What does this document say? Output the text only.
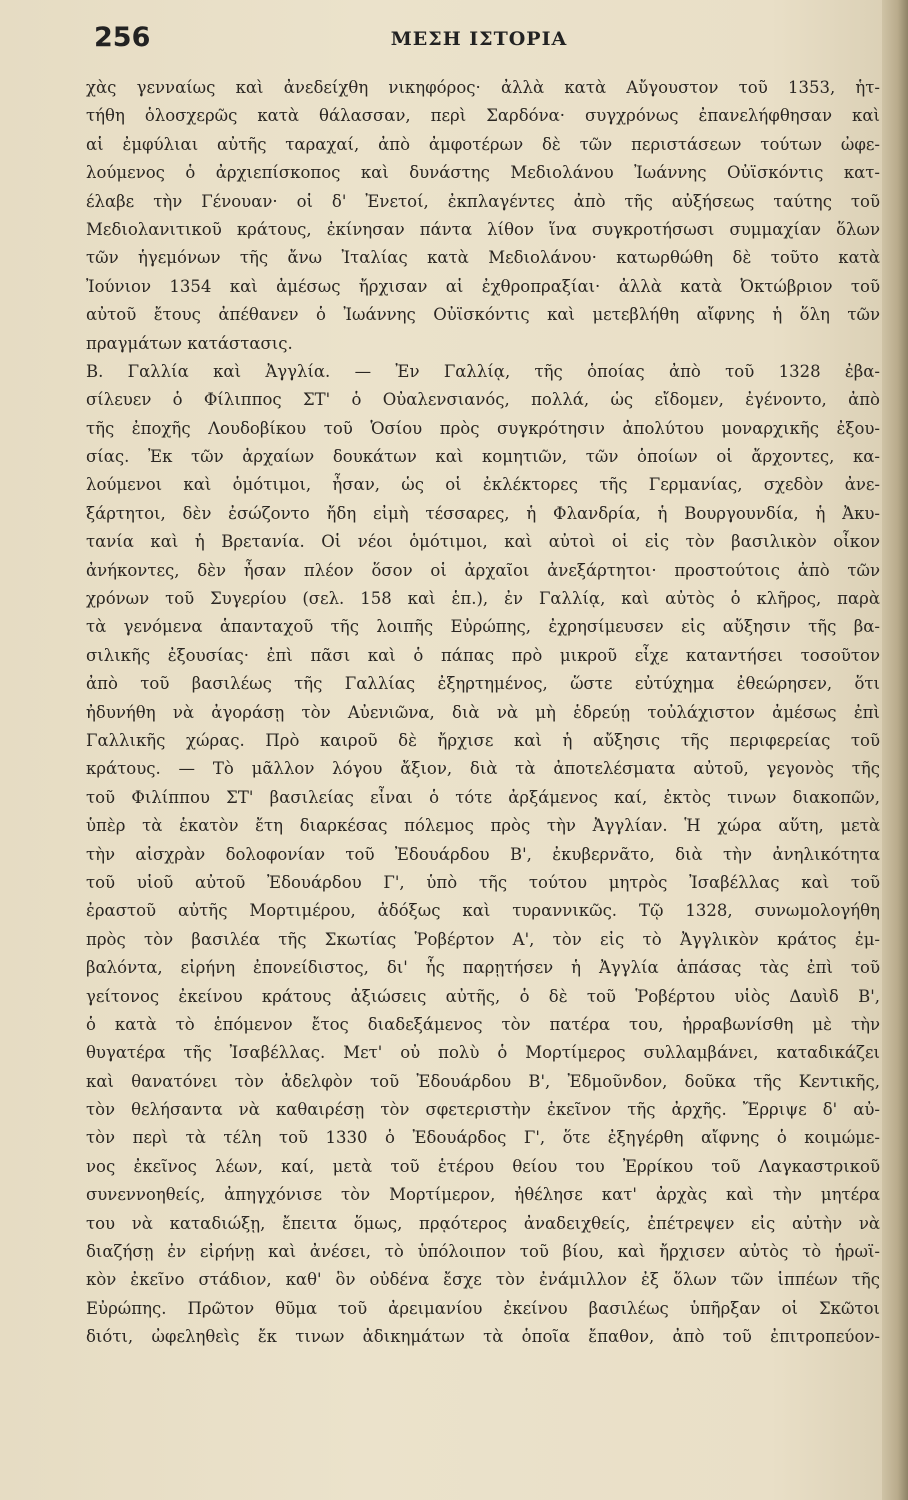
256	ΜΕΣΗ ΙΣΤΟΡΙΑ
χὰς γενναίως καὶ ἀνεδείχθη νικηφόρος· ἀλλὰ κατὰ Αὔγουστον τοῦ 1353, ἡτ-
τήθη ὁλοσχερῶς κατὰ θάλασσαν, περὶ Σαρδόνα· συγχρόνως ἐπανελήφθησαν καὶ
αἱ ἐμφύλιαι αὐτῆς ταραχαί, ἀπὸ ἀμφοτέρων δὲ τῶν περιστάσεων τούτων ὠφε-
λούμενος ὁ ἀρχιεπίσκοπος καὶ δυνάστης Μεδιολάνου Ἰωάννης Οὐϊσκόντις κατ-
έλαβε τὴν Γένουαν· οἱ δ' Ἐνετοί, ἐκπλαγέντες ἀπὸ τῆς αὐξήσεως ταύτης τοῦ
Μεδιολανιτικοῦ κράτους, ἐκίνησαν πάντα λίθον ἵνα συγκροτήσωσι συμμαχίαν ὅλων
τῶν ἡγεμόνων τῆς ἄνω Ἰταλίας κατὰ Μεδιολάνου· κατωρθώθη δὲ τοῦτο κατὰ
Ἰούνιον 1354 καὶ ἀμέσως ἤρχισαν αἱ ἐχθροπραξίαι· ἀλλὰ κατὰ Ὀκτώβριον τοῦ
αὐτοῦ ἔτους ἀπέθανεν ὁ Ἰωάννης Οὐϊσκόντις καὶ μετεβλήθη αἴφνης ἡ ὅλη τῶν
πραγμάτων κατάστασις.
Β. Γαλλία καὶ Ἀγγλία. — Ἐν Γαλλίᾳ, τῆς ὁποίας ἀπὸ τοῦ 1328 ἐβα-
σίλευεν ὁ Φίλιππος ΣΤ' ὁ Οὐαλενσιανός, πολλά, ὡς εἴδομεν, ἐγένοντο, ἀπὸ
τῆς ἐποχῆς Λουδοβίκου τοῦ Ὁσίου πρὸς συγκρότησιν ἀπολύτου μοναρχικῆς ἐξου-
σίας. Ἐκ τῶν ἀρχαίων δουκάτων καὶ κομητιῶν, τῶν ὁποίων οἱ ἄρχοντες, κα-
λούμενοι καὶ ὁμότιμοι, ἦσαν, ὡς οἱ ἐκλέκτορες τῆς Γερμανίας, σχεδὸν ἀνε-
ξάρτητοι, δὲν ἐσώζοντο ἤδη εἰμὴ τέσσαρες, ἡ Φλανδρία, ἡ Βουργουνδία, ἡ Ἀκυ-
τανία καὶ ἡ Βρετανία. Οἱ νέοι ὁμότιμοι, καὶ αὐτοὶ οἱ εἰς τὸν βασιλικὸν οἶκον
ἀνήκοντες, δὲν ἦσαν πλέον ὅσον οἱ ἀρχαῖοι ἀνεξάρτητοι· προστούτοις ἀπὸ τῶν
χρόνων τοῦ Συγερίου (σελ. 158 καὶ ἑπ.), ἐν Γαλλίᾳ, καὶ αὐτὸς ὁ κλῆρος, παρὰ
τὰ γενόμενα ἁπανταχοῦ τῆς λοιπῆς Εὐρώπης, ἐχρησίμευσεν εἰς αὔξησιν τῆς βα-
σιλικῆς ἐξουσίας· ἐπὶ πᾶσι καὶ ὁ πάπας πρὸ μικροῦ εἶχε καταντήσει τοσοῦτον
ἀπὸ τοῦ βασιλέως τῆς Γαλλίας ἐξηρτημένος, ὥστε εὐτύχημα ἐθεώρησεν, ὅτι
ἠδυνήθη νὰ ἀγοράσῃ τὸν Αὐενιῶνα, διὰ νὰ μὴ ἑδρεύῃ τοὐλάχιστον ἀμέσως ἐπὶ
Γαλλικῆς χώρας. Πρὸ καιροῦ δὲ ἤρχισε καὶ ἡ αὔξησις τῆς περιφερείας τοῦ
κράτους. — Τὸ μᾶλλον λόγου ἄξιον, διὰ τὰ ἀποτελέσματα αὐτοῦ, γεγονὸς τῆς
τοῦ Φιλίππου ΣΤ' βασιλείας εἶναι ὁ τότε ἀρξάμενος καί, ἐκτὸς τινων διακοπῶν,
ὑπὲρ τὰ ἑκατὸν ἔτη διαρκέσας πόλεμος πρὸς τὴν Ἀγγλίαν. Ἡ χώρα αὕτη, μετὰ
τὴν αἰσχρὰν δολοφονίαν τοῦ Ἐδουάρδου Β', ἐκυβερνᾶτο, διὰ τὴν ἀνηλικότητα
τοῦ υἱοῦ αὐτοῦ Ἐδουάρδου Γ', ὑπὸ τῆς τούτου μητρὸς Ἰσαβέλλας καὶ τοῦ
ἐραστοῦ αὐτῆς Μορτιμέρου, ἀδόξως καὶ τυραννικῶς. Τῷ 1328, συνωμολογήθη
πρὸς τὸν βασιλέα τῆς Σκωτίας Ῥοβέρτον Α', τὸν εἰς τὸ Ἀγγλικὸν κράτος ἐμ-
βαλόντα, εἰρήνη ἐπονείδιστος, δι' ἧς παρῃτήσεν ἡ Ἀγγλία ἁπάσας τὰς ἐπὶ τοῦ
γείτονος ἐκείνου κράτους ἀξιώσεις αὐτῆς, ὁ δὲ τοῦ Ῥοβέρτου υἱὸς Δαυὶδ Β',
ὁ κατὰ τὸ ἑπόμενον ἔτος διαδεξάμενος τὸν πατέρα του, ἠρραβωνίσθη μὲ τὴν
θυγατέρα τῆς Ἰσαβέλλας. Μετ' οὐ πολὺ ὁ Μορτίμερος συλλαμβάνει, καταδικάζει
καὶ θανατόνει τὸν ἀδελφὸν τοῦ Ἐδουάρδου Β', Ἐδμοῦνδον, δοῦκα τῆς Κεντικῆς,
τὸν θελήσαντα νὰ καθαιρέσῃ τὸν σφετεριστὴν ἐκεῖνον τῆς ἀρχῆς. Ἔρριψε δ' αὐ-
τὸν περὶ τὰ τέλη τοῦ 1330 ὁ Ἐδουάρδος Γ', ὅτε ἐξηγέρθη αἴφνης ὁ κοιμώμε-
νος ἐκεῖνος λέων, καί, μετὰ τοῦ ἑτέρου θείου του Ἐρρίκου τοῦ Λαγκαστρικοῦ
συνεννοηθείς, ἀπηγχόνισε τὸν Μορτίμερον, ἠθέλησε κατ' ἀρχὰς καὶ τὴν μητέρα
του νὰ καταδιώξῃ, ἔπειτα ὅμως, πρᾳότερος ἀναδειχθείς, ἐπέτρεψεν εἰς αὐτὴν νὰ
διαζήσῃ ἐν εἰρήνῃ καὶ ἀνέσει, τὸ ὑπόλοιπον τοῦ βίου, καὶ ἤρχισεν αὐτὸς τὸ ἡρωϊ-
κὸν ἐκεῖνο στάδιον, καθ' ὃν οὐδένα ἔσχε τὸν ἐνάμιλλον ἐξ ὅλων τῶν ἱππέων τῆς
Εὐρώπης. Πρῶτον θῦμα τοῦ ἀρειμανίου ἐκείνου βασιλέως ὑπῆρξαν οἱ Σκῶτοι
διότι, ὠφεληθεὶς ἔκ τινων ἀδικημάτων τὰ ὁποῖα ἔπαθον, ἀπὸ τοῦ ἐπιτροπεύον-
